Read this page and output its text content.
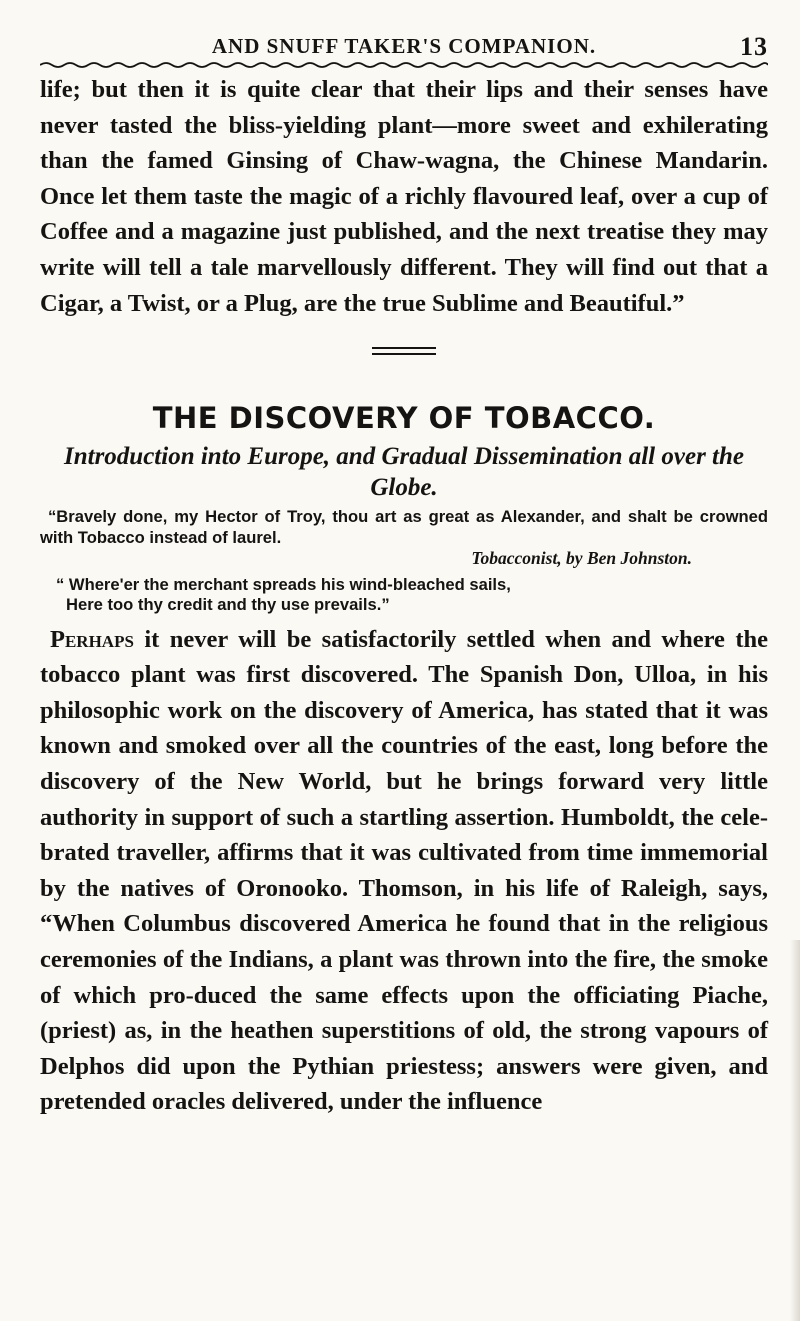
AND SNUFF TAKER'S COMPANION.	13

life; but then it is quite clear that their lips and their senses have never tasted the bliss-yielding plant—more sweet and exhilerating than the famed Ginsing of Chaw-wagna, the Chinese Mandarin. Once let them taste the magic of a richly flavoured leaf, over a cup of Coffee and a magazine just published, and the next treatise they may write will tell a tale marvellously different. They will find out that a Cigar, a Twist, or a Plug, are the true Sublime and Beautiful.”

THE DISCOVERY OF TOBACCO.
Introduction into Europe, and Gradual Dissemination all over the Globe.

“Bravely done, my Hector of Troy, thou art as great as Alexander, and shalt be crowned with Tobacco instead of laurel.

Tobacconist, by Ben Johnston.

“ Where'er the merchant spreads his wind-bleached sails,

Here too thy credit and thy use prevails.”

Perhaps it never will be satisfactorily settled when and where the tobacco plant was first discovered. The Spanish Don, Ulloa, in his philosophic work on the discovery of America, has stated that it was known and smoked over all the countries of the east, long before the discovery of the New World, but he brings forward very little authority in support of such a startling assertion. Humboldt, the cele-brated traveller, affirms that it was cultivated from time immemorial by the natives of Oronooko. Thomson, in his life of Raleigh, says, “When Columbus discovered America he found that in the religious ceremonies of the Indians, a plant was thrown into the fire, the smoke of which pro-duced the same effects upon the officiating Piache, (priest) as, in the heathen superstitions of old, the strong vapours of Delphos did upon the Pythian priestess; answers were given, and pretended oracles delivered, under the influence
